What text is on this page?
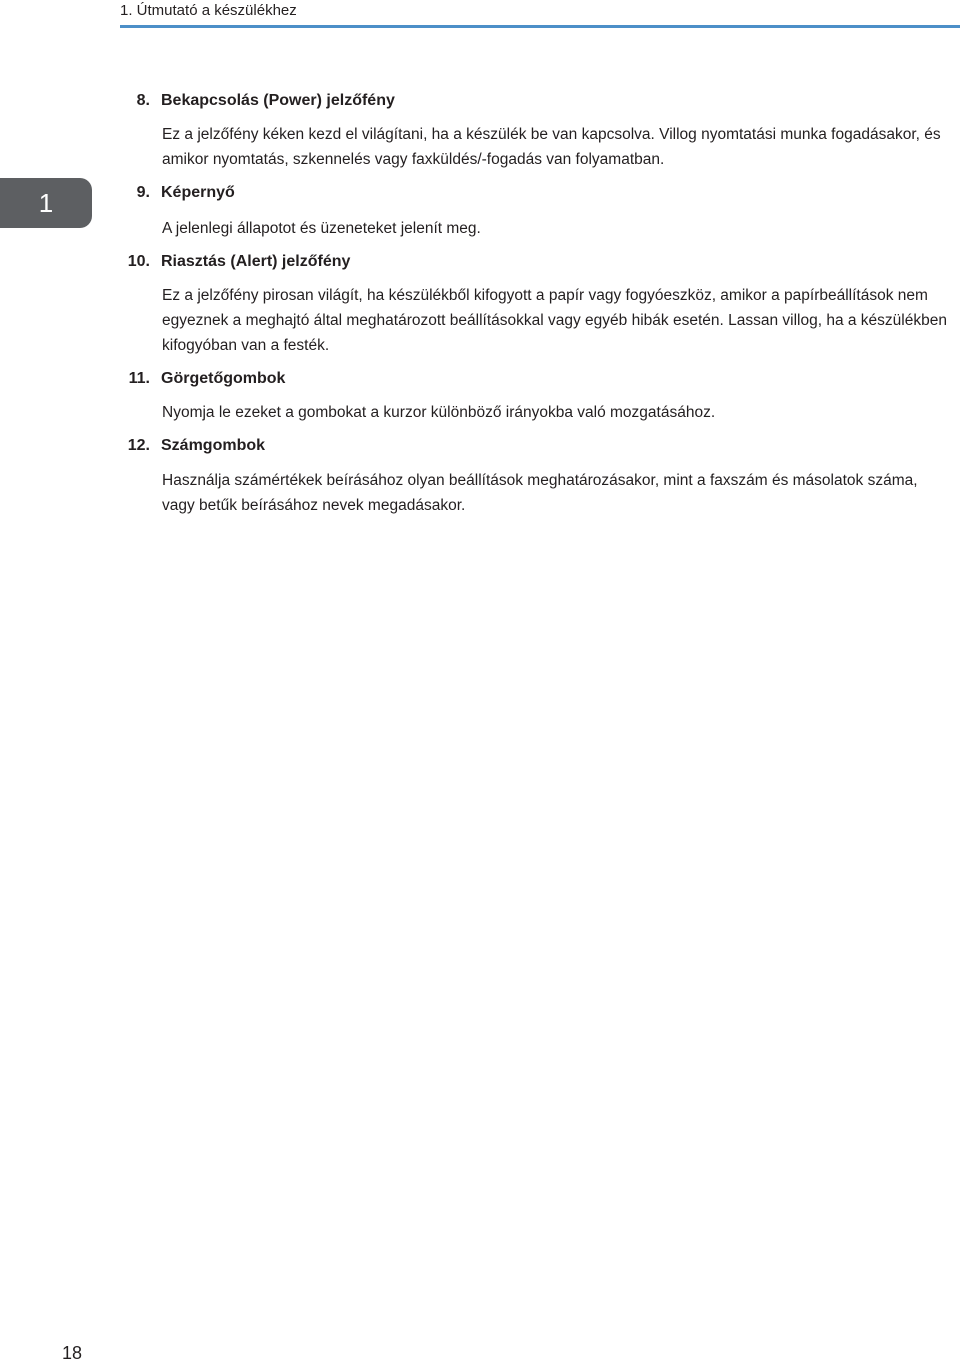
1. Útmutató a készülékhez
1
8. Bekapcsolás (Power) jelzőfény
Ez a jelzőfény kéken kezd el világítani, ha a készülék be van kapcsolva. Villog nyomtatási munka fogadásakor, és amikor nyomtatás, szkennelés vagy faxküldés/-fogadás van folyamatban.
9. Képernyő
A jelenlegi állapotot és üzeneteket jelenít meg.
10. Riasztás (Alert) jelzőfény
Ez a jelzőfény pirosan világít, ha készülékből kifogyott a papír vagy fogyóeszköz, amikor a papírbeállítások nem egyeznek a meghajtó által meghatározott beállításokkal vagy egyéb hibák esetén. Lassan villog, ha a készülékben kifogyóban van a festék.
11. Görgetőgombok
Nyomja le ezeket a gombokat a kurzor különböző irányokba való mozgatásához.
12. Számgombok
Használja számértékek beírásához olyan beállítások meghatározásakor, mint a faxszám és másolatok száma, vagy betűk beírásához nevek megadásakor.
18
